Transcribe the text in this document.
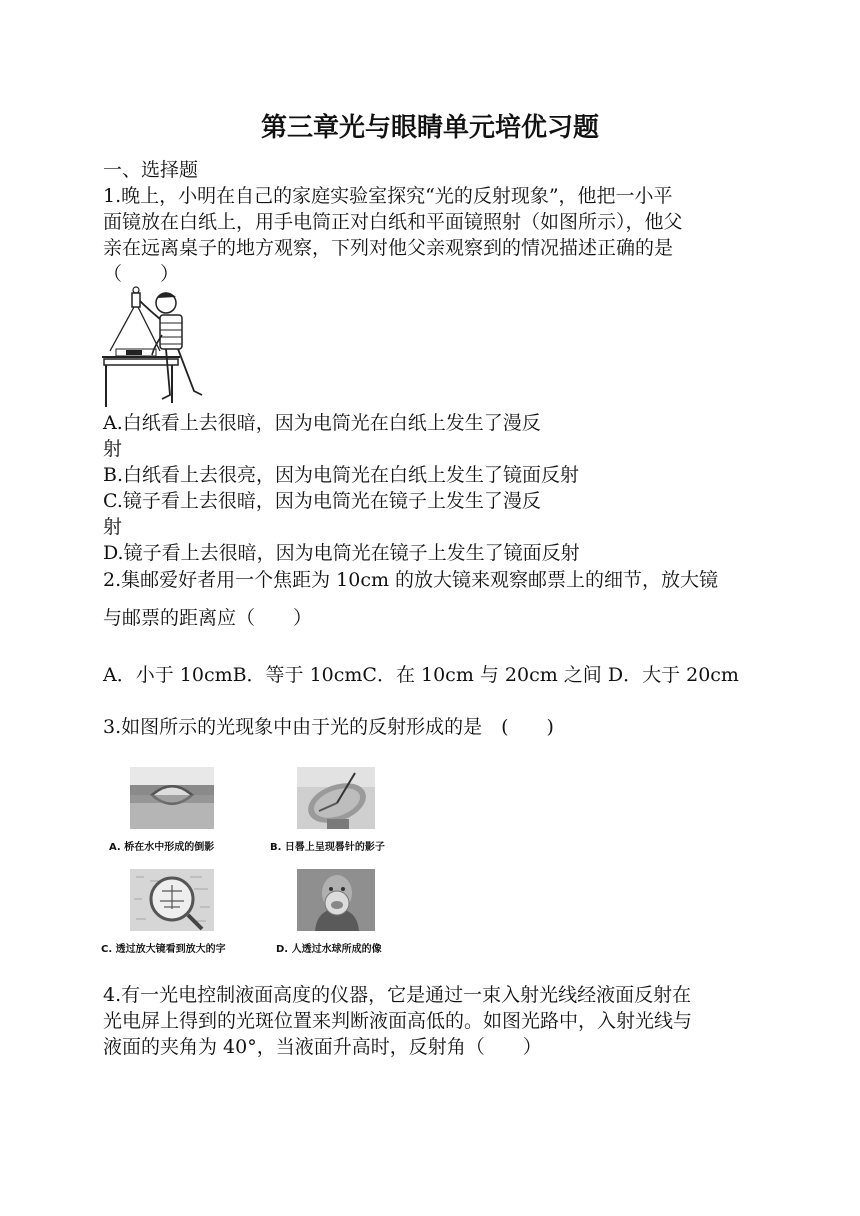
第三章光与眼睛单元培优习题
一、选择题
1.晚上，小明在自己的家庭实验室探究“光的反射现象”，他把一小平
面镜放在白纸上，用手电筒正对白纸和平面镜照射（如图所示），他父
亲在远离桌子的地方观察，下列对他父亲观察到的情况描述正确的是
（　　）
A.白纸看上去很暗，因为电筒光在白纸上发生了漫反
射
B.白纸看上去很亮，因为电筒光在白纸上发生了镜面反射
C.镜子看上去很暗，因为电筒光在镜子上发生了漫反
射
D.镜子看上去很暗，因为电筒光在镜子上发生了镜面反射
2.集邮爱好者用一个焦距为 10cm 的放大镜来观察邮票上的细节，放大镜
与邮票的距离应（　　）
A．小于 10cmB．等于 10cmC．在 10cm 与 20cm 之间 D．大于 20cm
3.如图所示的光现象中由于光的反射形成的是　(　　)
A. 桥在水中形成的倒影	B. 日晷上呈现晷针的影子
C. 透过放大镜看到放大的字	D. 人透过水球所成的像
4.有一光电控制液面高度的仪器，它是通过一束入射光线经液面反射在
光电屏上得到的光斑位置来判断液面高低的。如图光路中，入射光线与
液面的夹角为 40°，当液面升高时，反射角（　　）
